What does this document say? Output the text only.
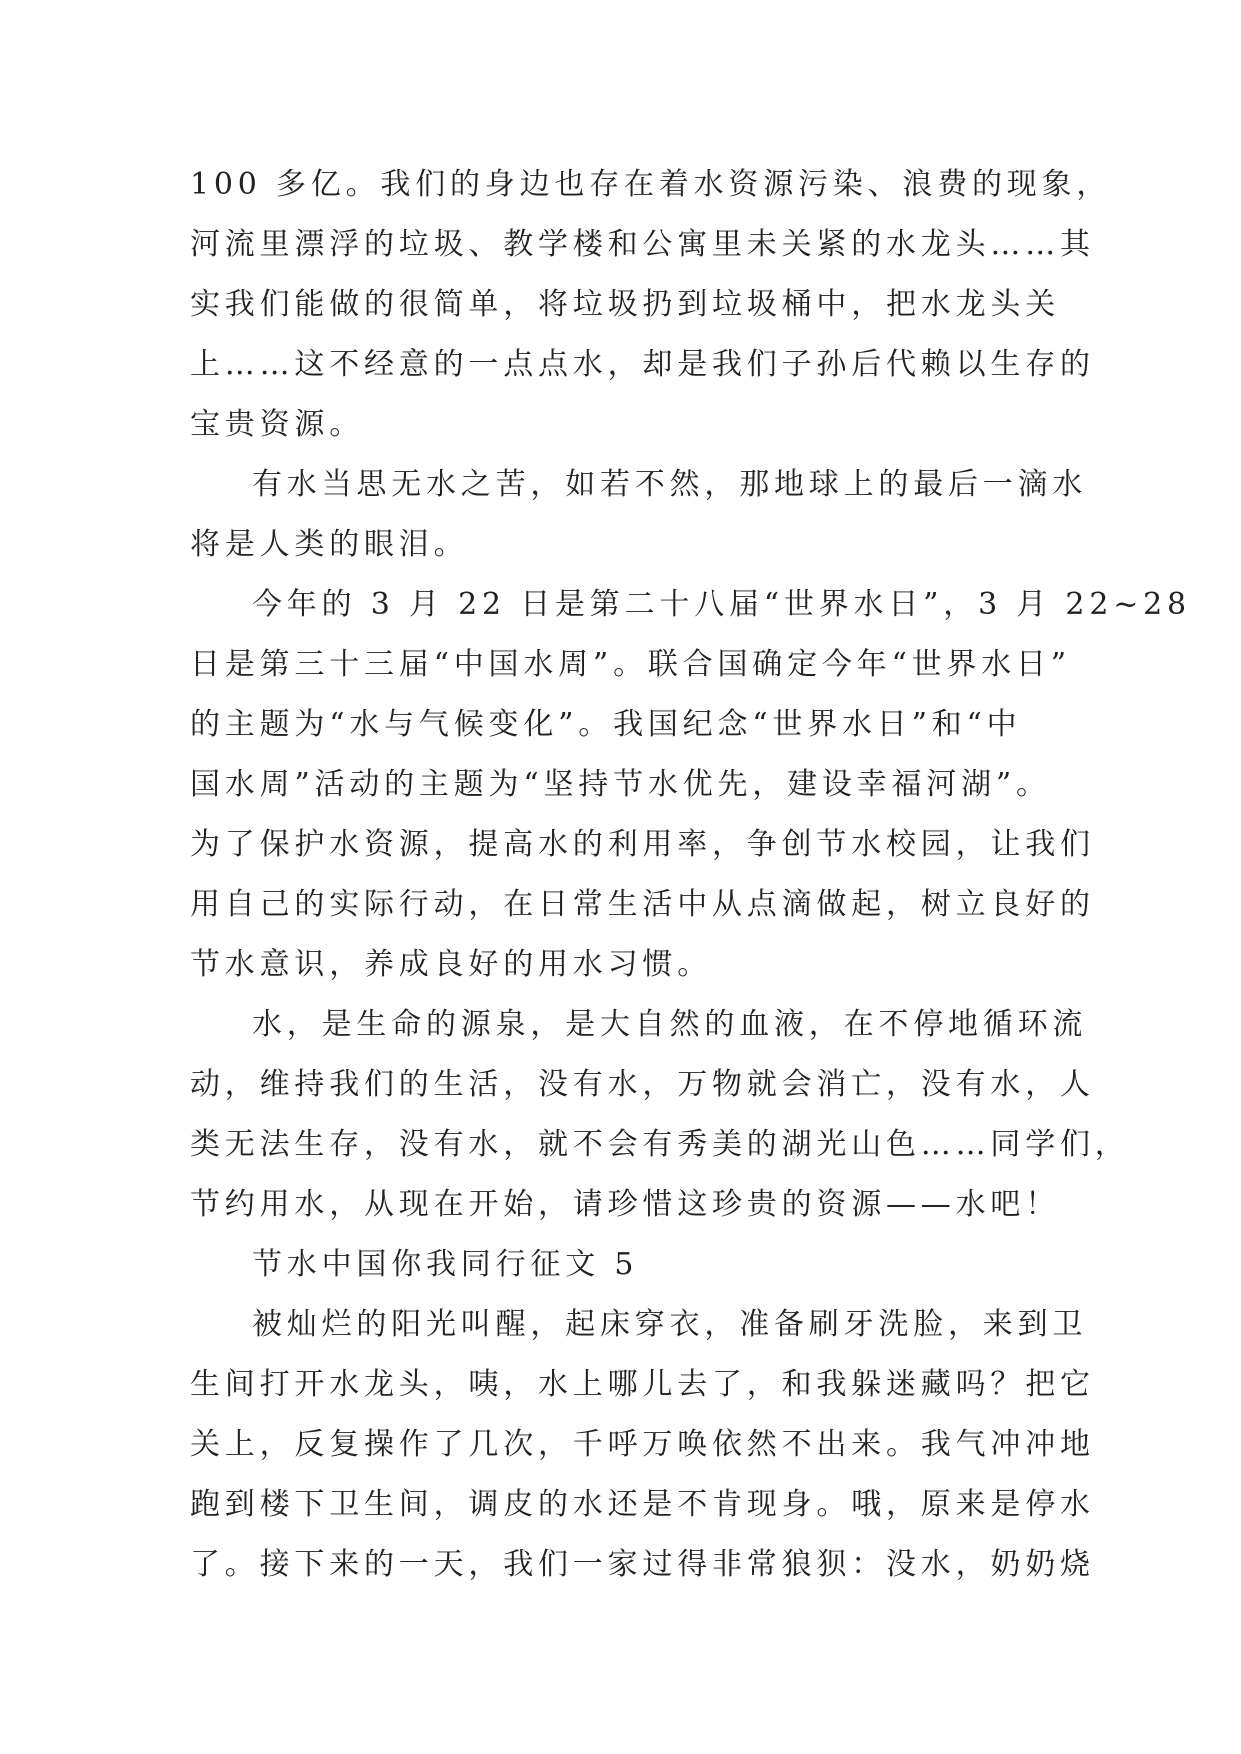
100 多亿。我们的身边也存在着水资源污染、浪费的现象，
河流里漂浮的垃圾、教学楼和公寓里未关紧的水龙头……其
实我们能做的很简单，将垃圾扔到垃圾桶中，把水龙头关
上……这不经意的一点点水，却是我们子孙后代赖以生存的
宝贵资源。
有水当思无水之苦，如若不然，那地球上的最后一滴水
将是人类的眼泪。
今年的 3 月 22 日是第二十八届“世界水日”，3 月 22~28
日是第三十三届“中国水周”。联合国确定今年“世界水日”
的主题为“水与气候变化”。我国纪念“世界水日”和“中
国水周”活动的主题为“坚持节水优先，建设幸福河湖”。
为了保护水资源，提高水的利用率，争创节水校园，让我们
用自己的实际行动，在日常生活中从点滴做起，树立良好的
节水意识，养成良好的用水习惯。
水，是生命的源泉，是大自然的血液，在不停地循环流
动，维持我们的生活，没有水，万物就会消亡，没有水，人
类无法生存，没有水，就不会有秀美的湖光山色……同学们，
节约用水，从现在开始，请珍惜这珍贵的资源——水吧！
节水中国你我同行征文 5
被灿烂的阳光叫醒，起床穿衣，准备刷牙洗脸，来到卫
生间打开水龙头，咦，水上哪儿去了，和我躲迷藏吗？把它
关上，反复操作了几次，千呼万唤依然不出来。我气冲冲地
跑到楼下卫生间，调皮的水还是不肯现身。哦，原来是停水
了。接下来的一天，我们一家过得非常狼狈：没水，奶奶烧
